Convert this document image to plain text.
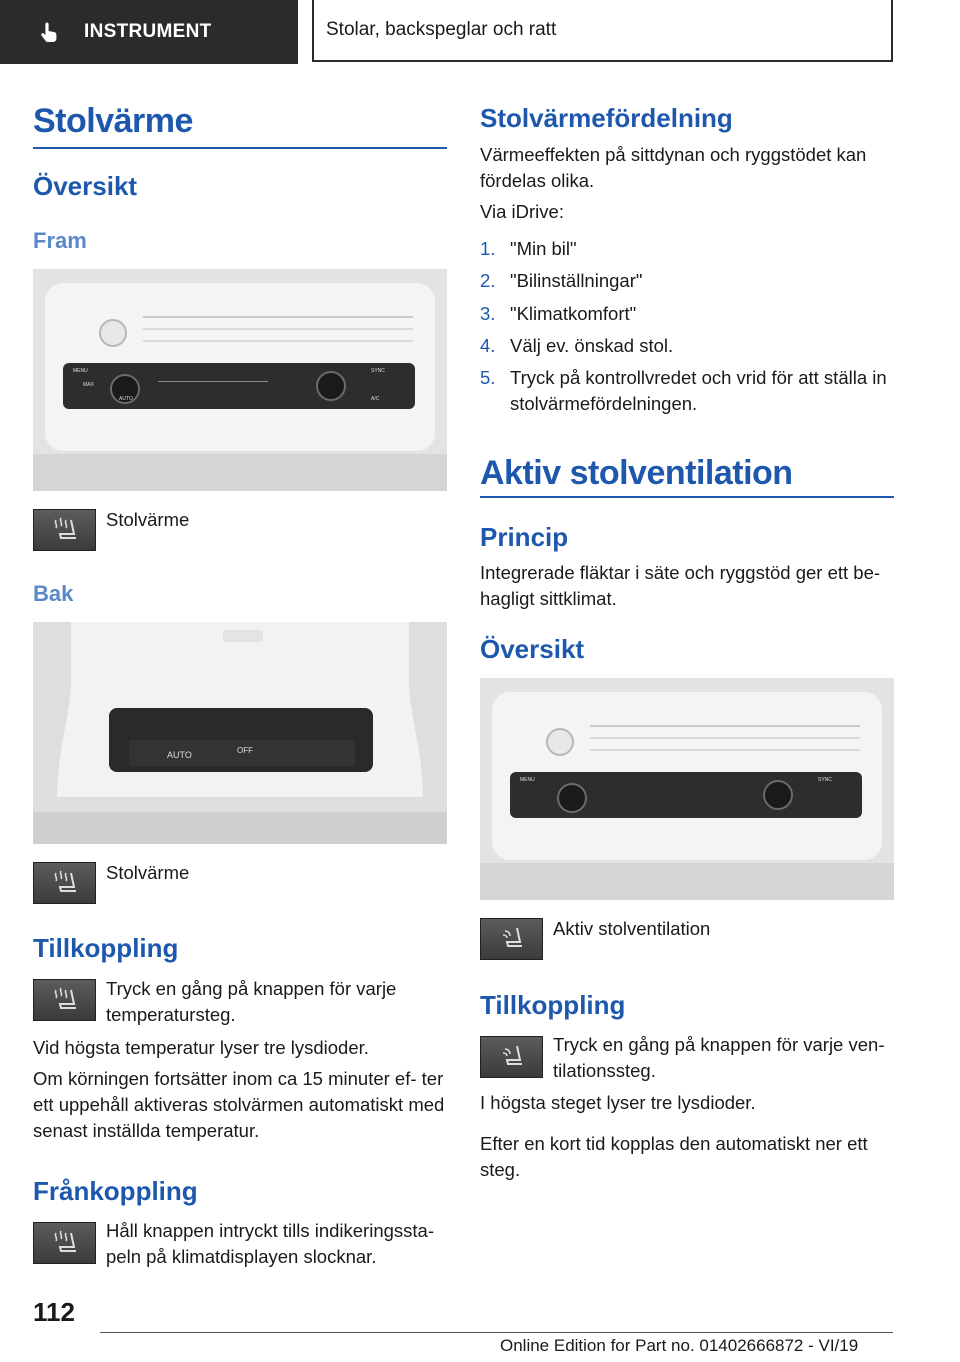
INSTRUMENT	Stolar, backspeglar och ratt
Stolvärme
Översikt
Fram
MENU
MAX
AUTO
SYNC
A/C
Stolvärme
Bak
AUTO	OFF
Stolvärme
Tillkoppling
Tryck en gång på knappen för varje temperatursteg.
Vid högsta temperatur lyser tre lysdioder.
Om körningen fortsätter inom ca 15 minuter ef- ter ett uppehåll aktiveras stolvärmen automatiskt med senast inställda temperatur.
Frånkoppling
Håll knappen intryckt tills indikeringssta- peln på klimatdisplayen slocknar.
Stolvärmefördelning
Värmeeffekten på sittdynan och ryggstödet kan fördelas olika.
Via iDrive:
1. "Min bil"
2. "Bilinställningar"
3. "Klimatkomfort"
4. Välj ev. önskad stol.
5. Tryck på kontrollvredet och vrid för att ställa in stolvärmefördelningen.
Aktiv stolventilation
Princip
Integrerade fläktar i säte och ryggstöd ger ett be- hagligt sittklimat.
Översikt
MENU	SYNC
Aktiv stolventilation
Tillkoppling
Tryck en gång på knappen för varje ven- tilationssteg.
I högsta steget lyser tre lysdioder.
Efter en kort tid kopplas den automatiskt ner ett steg.
112
Online Edition for Part no. 01402666872 - VI/19
